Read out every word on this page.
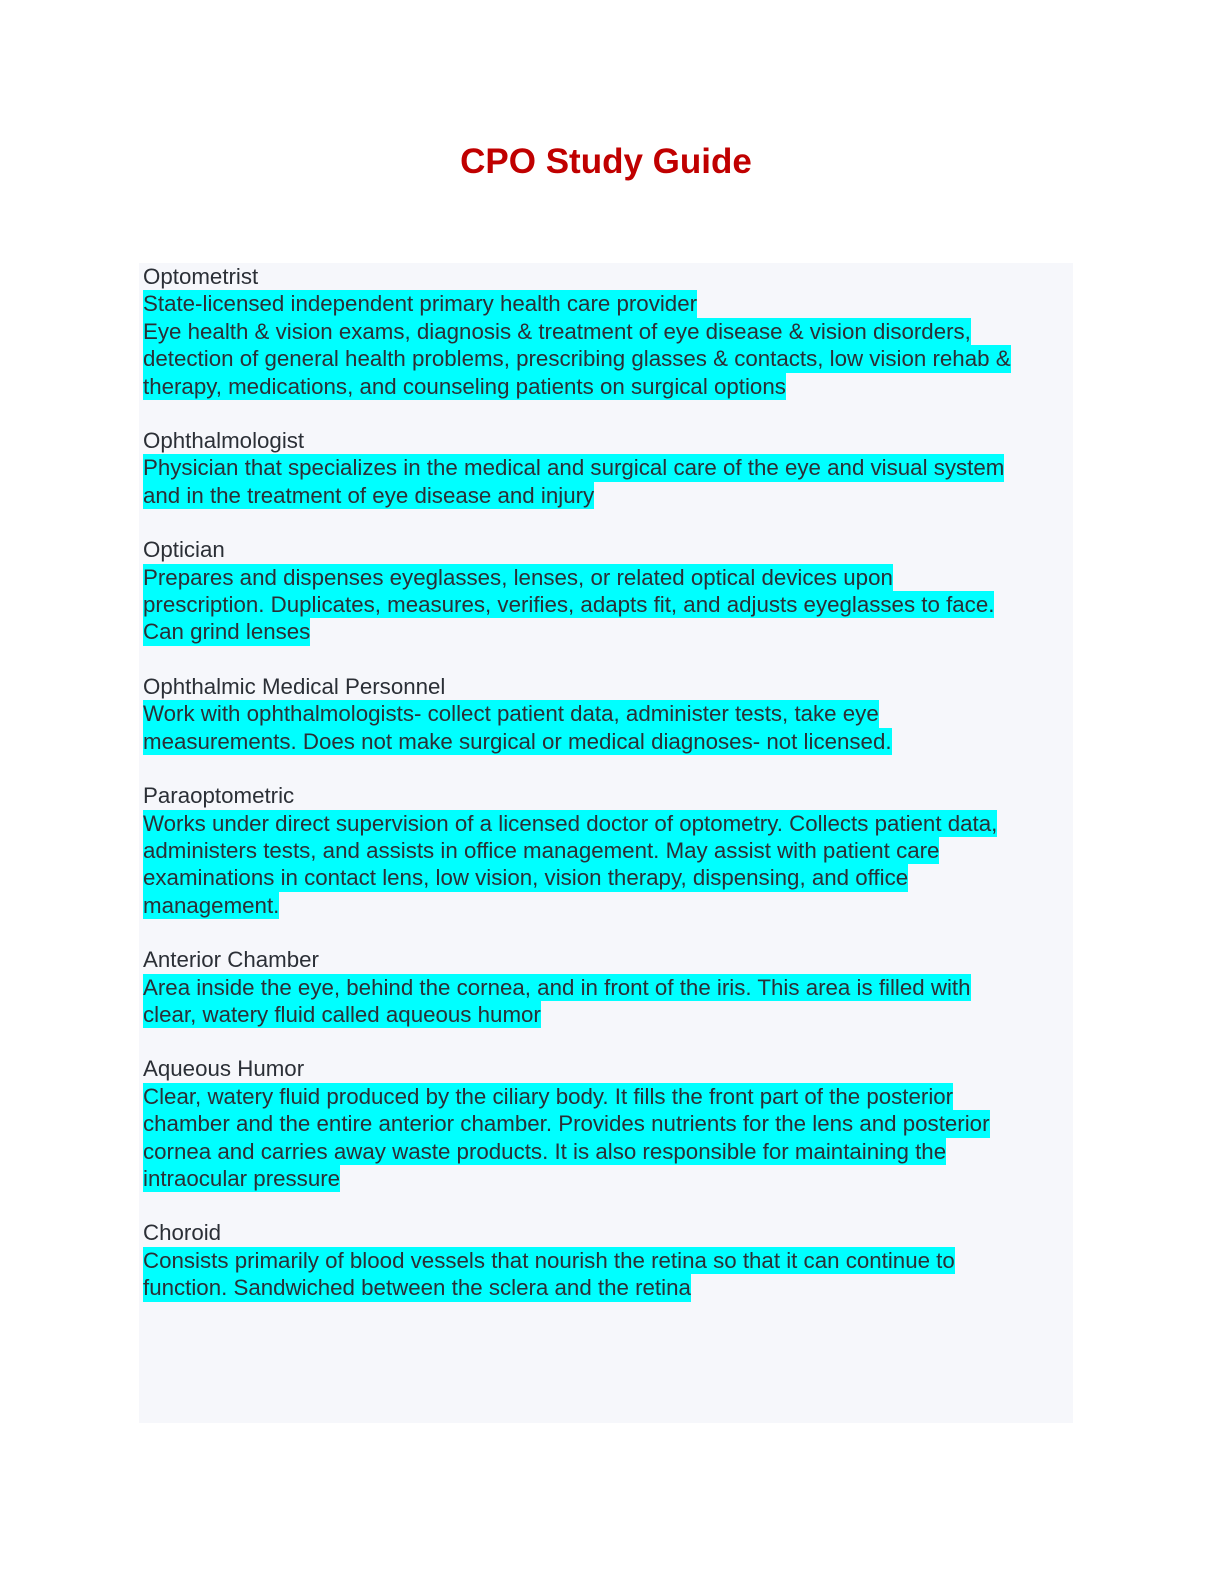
CPO Study Guide

Optometrist

State-licensed independent primary health care provider
Eye health & vision exams, diagnosis & treatment of eye disease & vision disorders,
detection of general health problems, prescribing glasses & contacts, low vision rehab &
therapy, medications, and counseling patients on surgical options

Ophthalmologist

Physician that specializes in the medical and surgical care of the eye and visual system
and in the treatment of eye disease and injury

Optician

Prepares and dispenses eyeglasses, lenses, or related optical devices upon
prescription. Duplicates, measures, verifies, adapts fit, and adjusts eyeglasses to face.
Can grind lenses

Ophthalmic Medical Personnel

Work with ophthalmologists- collect patient data, administer tests, take eye
measurements. Does not make surgical or medical diagnoses- not licensed.

Paraoptometric

Works under direct supervision of a licensed doctor of optometry. Collects patient data,
administers tests, and assists in office management. May assist with patient care
examinations in contact lens, low vision, vision therapy, dispensing, and office
management.

Anterior Chamber

Area inside the eye, behind the cornea, and in front of the iris. This area is filled with
clear, watery fluid called aqueous humor

Aqueous Humor

Clear, watery fluid produced by the ciliary body. It fills the front part of the posterior
chamber and the entire anterior chamber. Provides nutrients for the lens and posterior
cornea and carries away waste products. It is also responsible for maintaining the
intraocular pressure

Choroid

Consists primarily of blood vessels that nourish the retina so that it can continue to
function. Sandwiched between the sclera and the retina
